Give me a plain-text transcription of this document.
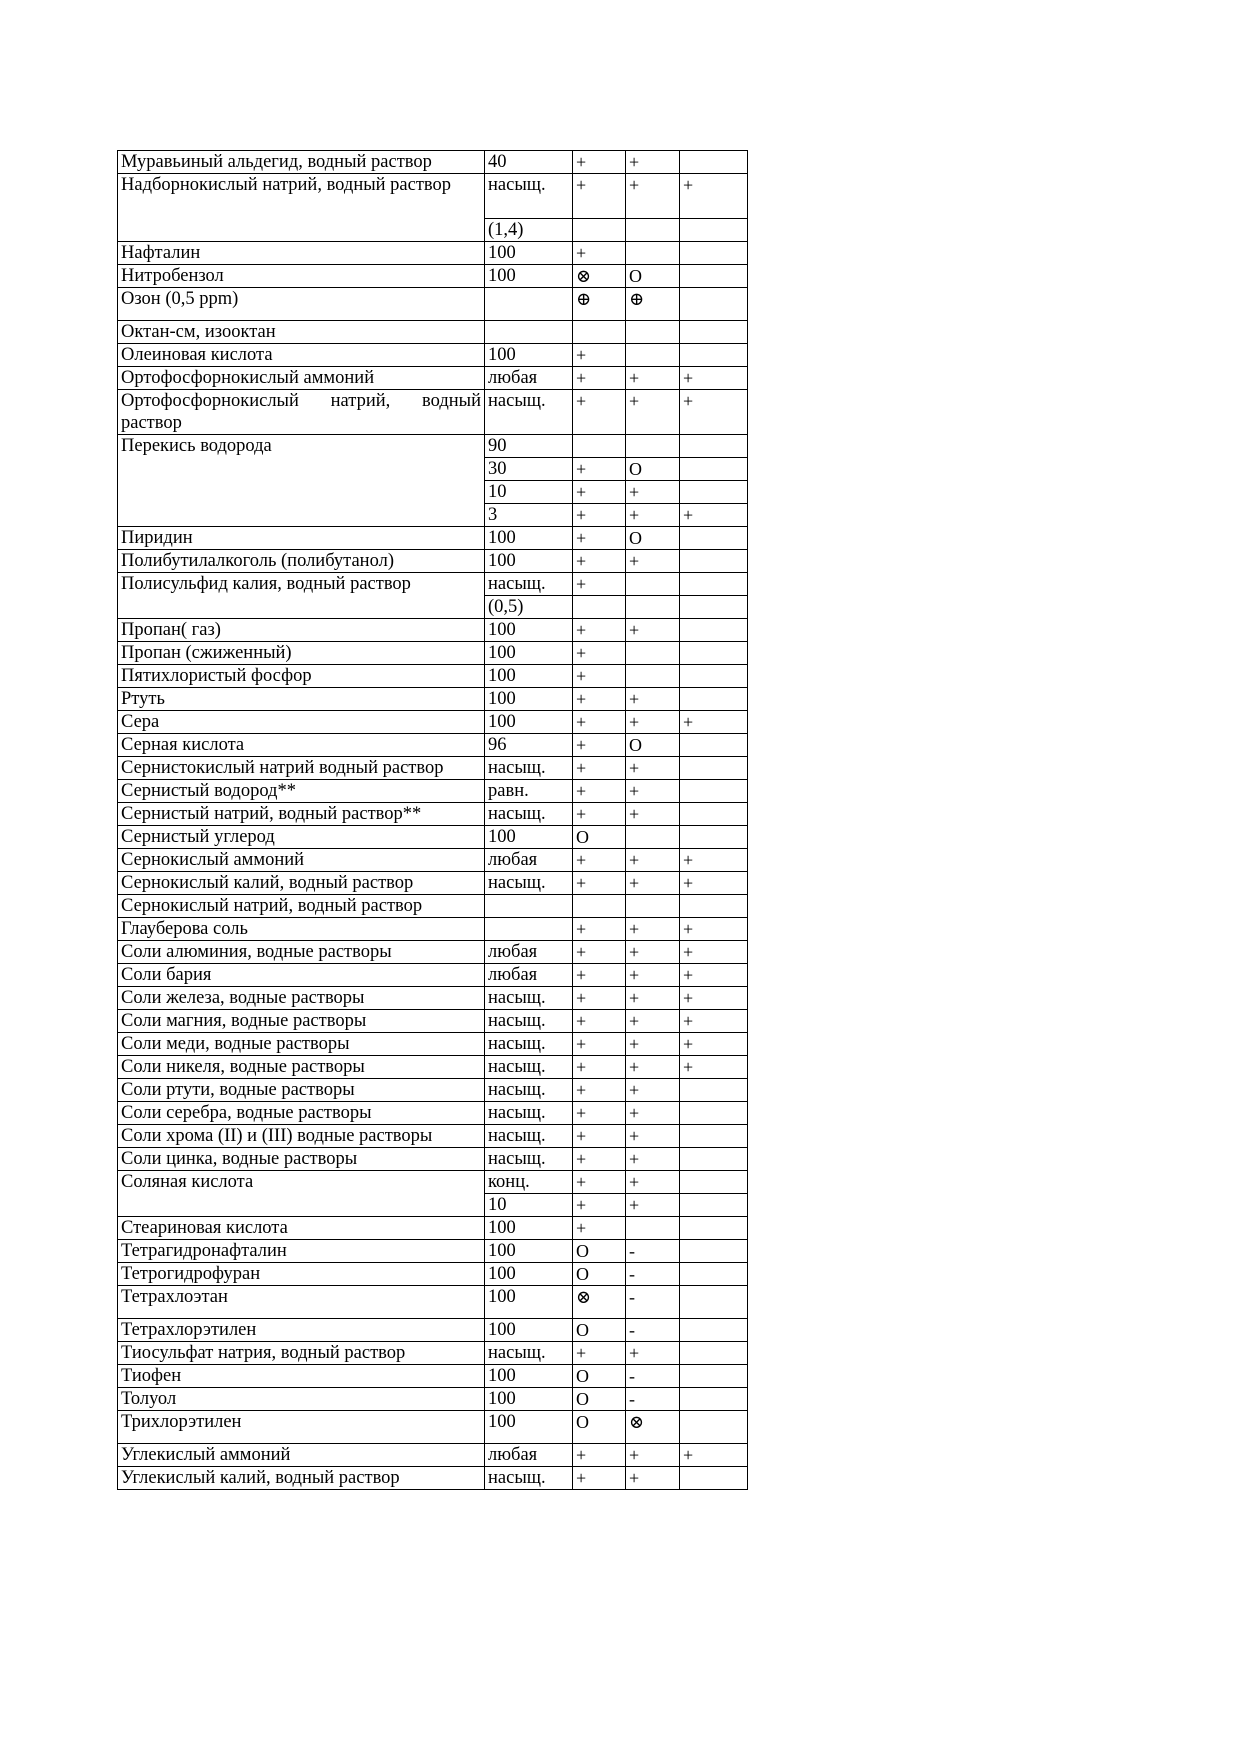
Муравьиный альдегид, водный раствор	40	+	+	
Надборнокислый натрий, водный раствор	насыщ.	+	+	+
	(1,4)			
Нафталин	100	+		
Нитробензол	100	⊗	O	
Озон (0,5 ppm)		⊕	⊕	
Октан-см, изооктан				
Олеиновая кислота	100	+		
Ортофосфорнокислый аммоний	любая	+	+	+
Ортофосфорнокислый натрий, водный раствор	насыщ.	+	+	+
Перекись водорода	90			
	30	+	O	
	10	+	+	
	3	+	+	+
Пиридин	100	+	O	
Полибутилалкоголь (полибутанол)	100	+	+	
Полисульфид калия, водный раствор	насыщ.	+		
	(0,5)			
Пропан( газ)	100	+	+	
Пропан (сжиженный)	100	+		
Пятихлористый фосфор	100	+		
Ртуть	100	+	+	
Сера	100	+	+	+
Серная кислота	96	+	O	
Сернистокислый натрий водный раствор	насыщ.	+	+	
Сернистый водород**	равн.	+	+	
Сернистый натрий, водный раствор**	насыщ.	+	+	
Сернистый углерод	100	O		
Сернокислый аммоний	любая	+	+	+
Сернокислый калий, водный раствор	насыщ.	+	+	+
Сернокислый натрий, водный раствор				
Глауберова соль		+	+	+
Соли алюминия, водные растворы	любая	+	+	+
Соли бария	любая	+	+	+
Соли железа, водные растворы	насыщ.	+	+	+
Соли магния, водные растворы	насыщ.	+	+	+
Соли меди, водные растворы	насыщ.	+	+	+
Соли никеля, водные растворы	насыщ.	+	+	+
Соли ртути, водные растворы	насыщ.	+	+	
Соли серебра, водные растворы	насыщ.	+	+	
Соли хрома (II) и (III) водные растворы	насыщ.	+	+	
Соли цинка, водные растворы	насыщ.	+	+	
Соляная кислота	конц.	+	+	
	10	+	+	
Стеариновая кислота	100	+		
Тетрагидронафталин	100	O	-	
Тетрогидрофуран	100	O	-	
Тетрахлоэтан	100	⊗	-	
Тетрахлорэтилен	100	O	-	
Тиосульфат натрия, водный раствор	насыщ.	+	+	
Тиофен	100	O	-	
Толуол	100	O	-	
Трихлорэтилен	100	O	⊗	
Углекислый аммоний	любая	+	+	+
Углекислый калий, водный раствор	насыщ.	+	+	
